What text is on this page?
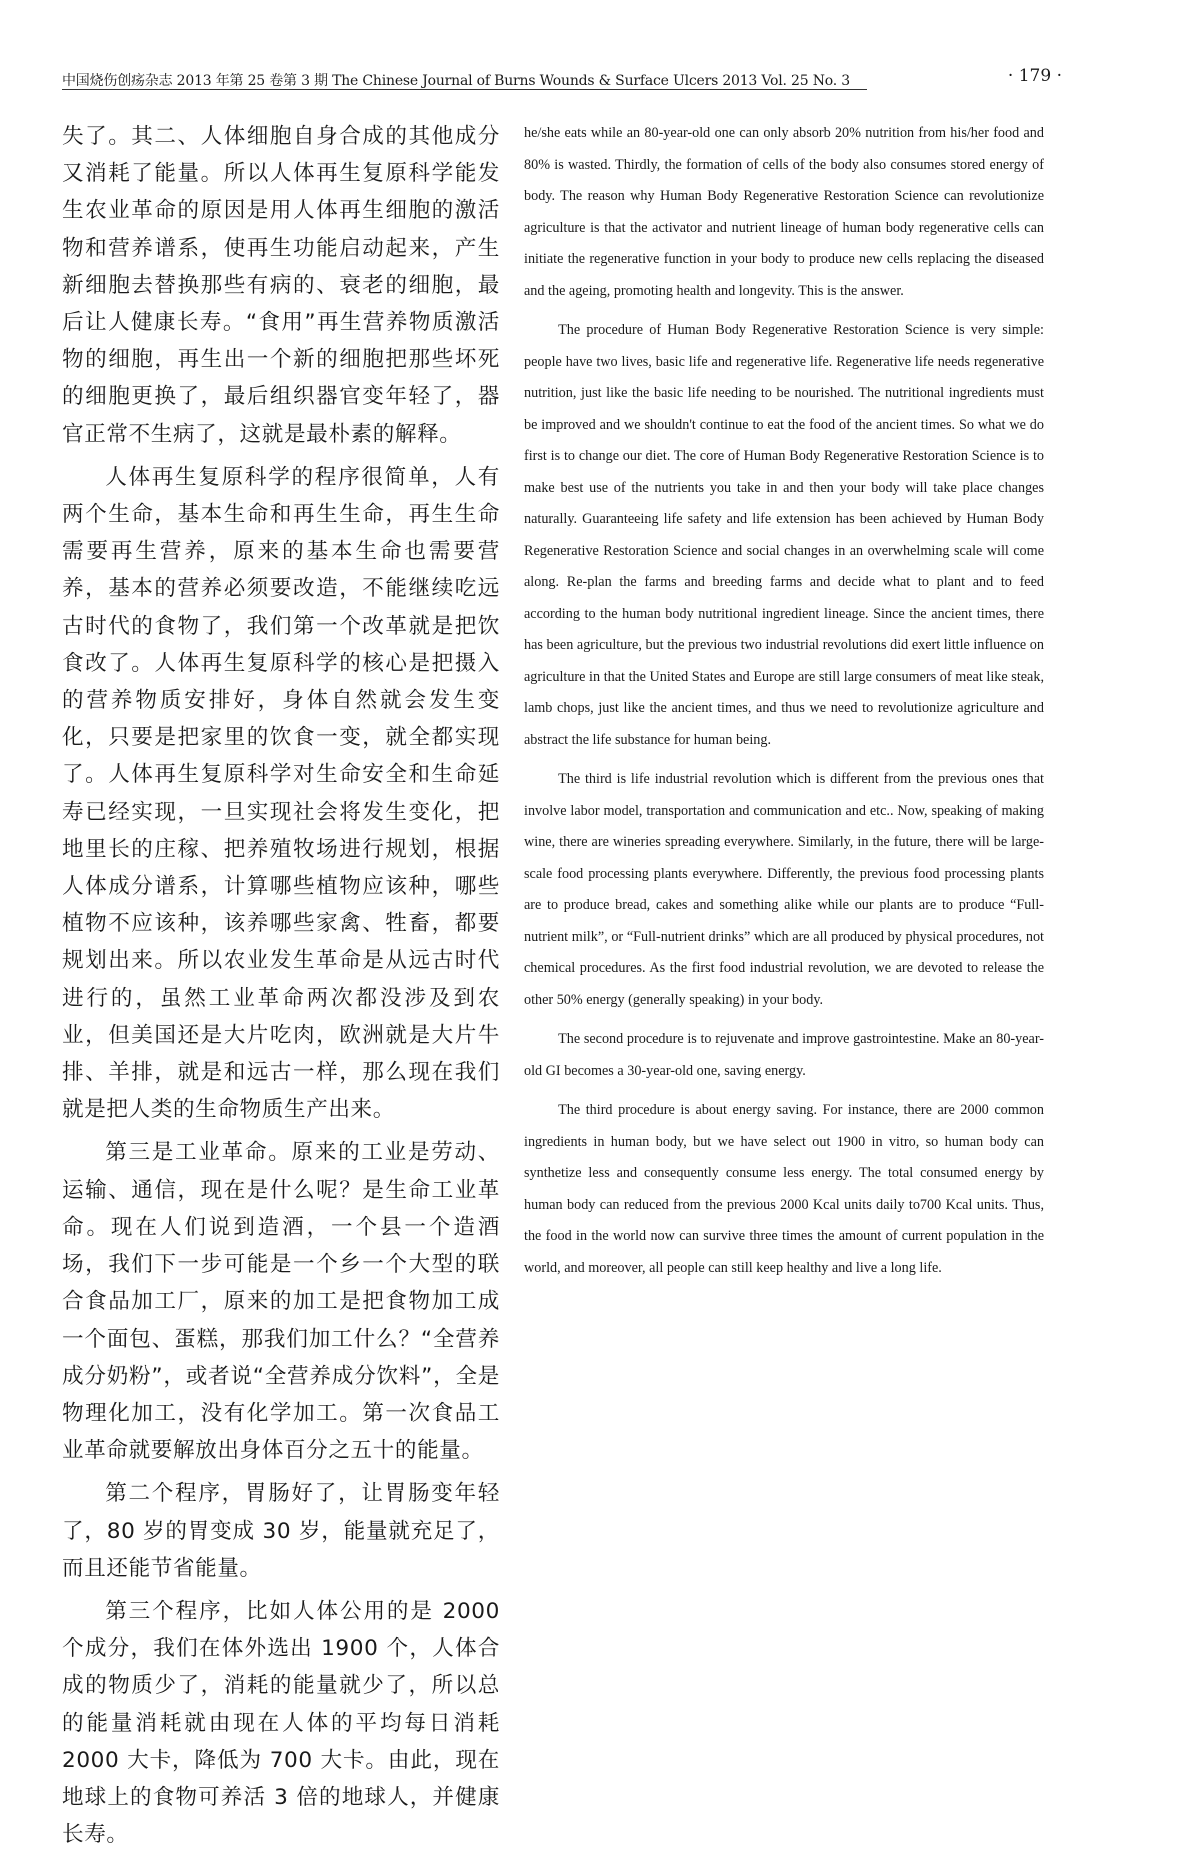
中国烧伤创疡杂志 2013 年第 25 卷第 3 期 The Chinese Journal of Burns Wounds & Surface Ulcers 2013 Vol. 25 No. 3	· 179 ·

失了。其二、人体细胞自身合成的其他成分又消耗了能量。所以人体再生复原科学能发生农业革命的原因是用人体再生细胞的激活物和营养谱系，使再生功能启动起来，产生新细胞去替换那些有病的、衰老的细胞，最后让人健康长寿。“食用”再生营养物质激活物的细胞，再生出一个新的细胞把那些坏死的细胞更换了，最后组织器官变年轻了，器官正常不生病了，这就是最朴素的解释。

人体再生复原科学的程序很简单，人有两个生命，基本生命和再生生命，再生生命需要再生营养，原来的基本生命也需要营养，基本的营养必须要改造，不能继续吃远古时代的食物了，我们第一个改革就是把饮食改了。人体再生复原科学的核心是把摄入的营养物质安排好，身体自然就会发生变化，只要是把家里的饮食一变，就全都实现了。人体再生复原科学对生命安全和生命延寿已经实现，一旦实现社会将发生变化，把地里长的庄稼、把养殖牧场进行规划，根据人体成分谱系，计算哪些植物应该种，哪些植物不应该种，该养哪些家禽、牲畜，都要规划出来。所以农业发生革命是从远古时代进行的，虽然工业革命两次都没涉及到农业，但美国还是大片吃肉，欧洲就是大片牛排、羊排，就是和远古一样，那么现在我们就是把人类的生命物质生产出来。

第三是工业革命。原来的工业是劳动、运输、通信，现在是什么呢？是生命工业革命。现在人们说到造酒，一个县一个造酒场，我们下一步可能是一个乡一个大型的联合食品加工厂，原来的加工是把食物加工成一个面包、蛋糕，那我们加工什么？“全营养成分奶粉”，或者说“全营养成分饮料”，全是物理化加工，没有化学加工。第一次食品工业革命就要解放出身体百分之五十的能量。

第二个程序，胃肠好了，让胃肠变年轻了，80 岁的胃变成 30 岁，能量就充足了，而且还能节省能量。

第三个程序，比如人体公用的是 2000 个成分，我们在体外选出 1900 个，人体合成的物质少了，消耗的能量就少了，所以总的能量消耗就由现在人体的平均每日消耗 2000 大卡，降低为 700 大卡。由此，现在地球上的食物可养活 3 倍的地球人，并健康长寿。

he/she eats while an 80-year-old one can only absorb 20% nutrition from his/her food and 80% is wasted. Thirdly, the formation of cells of the body also consumes stored energy of body. The reason why Human Body Regenerative Restoration Science can revolutionize agriculture is that the activator and nutrient lineage of human body regenerative cells can initiate the regenerative function in your body to produce new cells replacing the diseased and the ageing, promoting health and longevity. This is the answer.

The procedure of Human Body Regenerative Restoration Science is very simple: people have two lives, basic life and regenerative life. Regenerative life needs regenerative nutrition, just like the basic life needing to be nourished. The nutritional ingredients must be improved and we shouldn't continue to eat the food of the ancient times. So what we do first is to change our diet. The core of Human Body Regenerative Restoration Science is to make best use of the nutrients you take in and then your body will take place changes naturally. Guaranteeing life safety and life extension has been achieved by Human Body Regenerative Restoration Science and social changes in an overwhelming scale will come along. Re-plan the farms and breeding farms and decide what to plant and to feed according to the human body nutritional ingredient lineage. Since the ancient times, there has been agriculture, but the previous two industrial revolutions did exert little influence on agriculture in that the United States and Europe are still large consumers of meat like steak, lamb chops, just like the ancient times, and thus we need to revolutionize agriculture and abstract the life substance for human being.

The third is life industrial revolution which is different from the previous ones that involve labor model, transportation and communication and etc.. Now, speaking of making wine, there are wineries spreading everywhere. Similarly, in the future, there will be large-scale food processing plants everywhere. Differently, the previous food processing plants are to produce bread, cakes and something alike while our plants are to produce “Full-nutrient milk”, or “Full-nutrient drinks” which are all produced by physical procedures, not chemical procedures. As the first food industrial revolution, we are devoted to release the other 50% energy (generally speaking) in your body.

The second procedure is to rejuvenate and improve gastrointestine. Make an 80-year-old GI becomes a 30-year-old one, saving energy.

The third procedure is about energy saving. For instance, there are 2000 common ingredients in human body, but we have select out 1900 in vitro, so human body can synthetize less and consequently consume less energy. The total consumed energy by human body can reduced from the previous 2000 Kcal units daily to700 Kcal units. Thus, the food in the world now can survive three times the amount of current population in the world, and moreover, all people can still keep healthy and live a long life.
